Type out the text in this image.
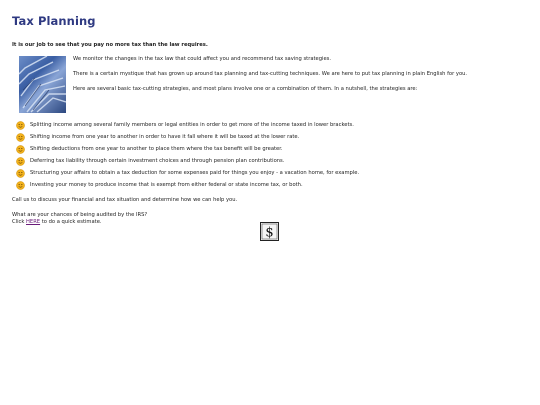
Tax Planning

It is our job to see that you pay no more tax than the law requires.

We monitor the changes in the tax law that could affect you and recommend tax saving strategies.

There is a certain mystique that has grown up around tax planning and tax-cutting techniques. We are here to put tax planning in plain English for you.

Here are several basic tax-cutting strategies, and most plans involve one or a combination of them. In a nutshell, the strategies are:

Splitting income among several family members or legal entities in order to get more of the income taxed in lower brackets.
Shifting income from one year to another in order to have it fall where it will be taxed at the lower rate.
Shifting deductions from one year to another to place them where the tax benefit will be greater.
Deferring tax liability through certain investment choices and through pension plan contributions.
Structuring your affairs to obtain a tax deduction for some expenses paid for things you enjoy - a vacation home, for example.
Investing your money to produce income that is exempt from either federal or state income tax, or both.

Call us to discuss your financial and tax situation and determine how we can help you.

What are your chances of being audited by the IRS?
Click HERE to do a quick estimate.

$
